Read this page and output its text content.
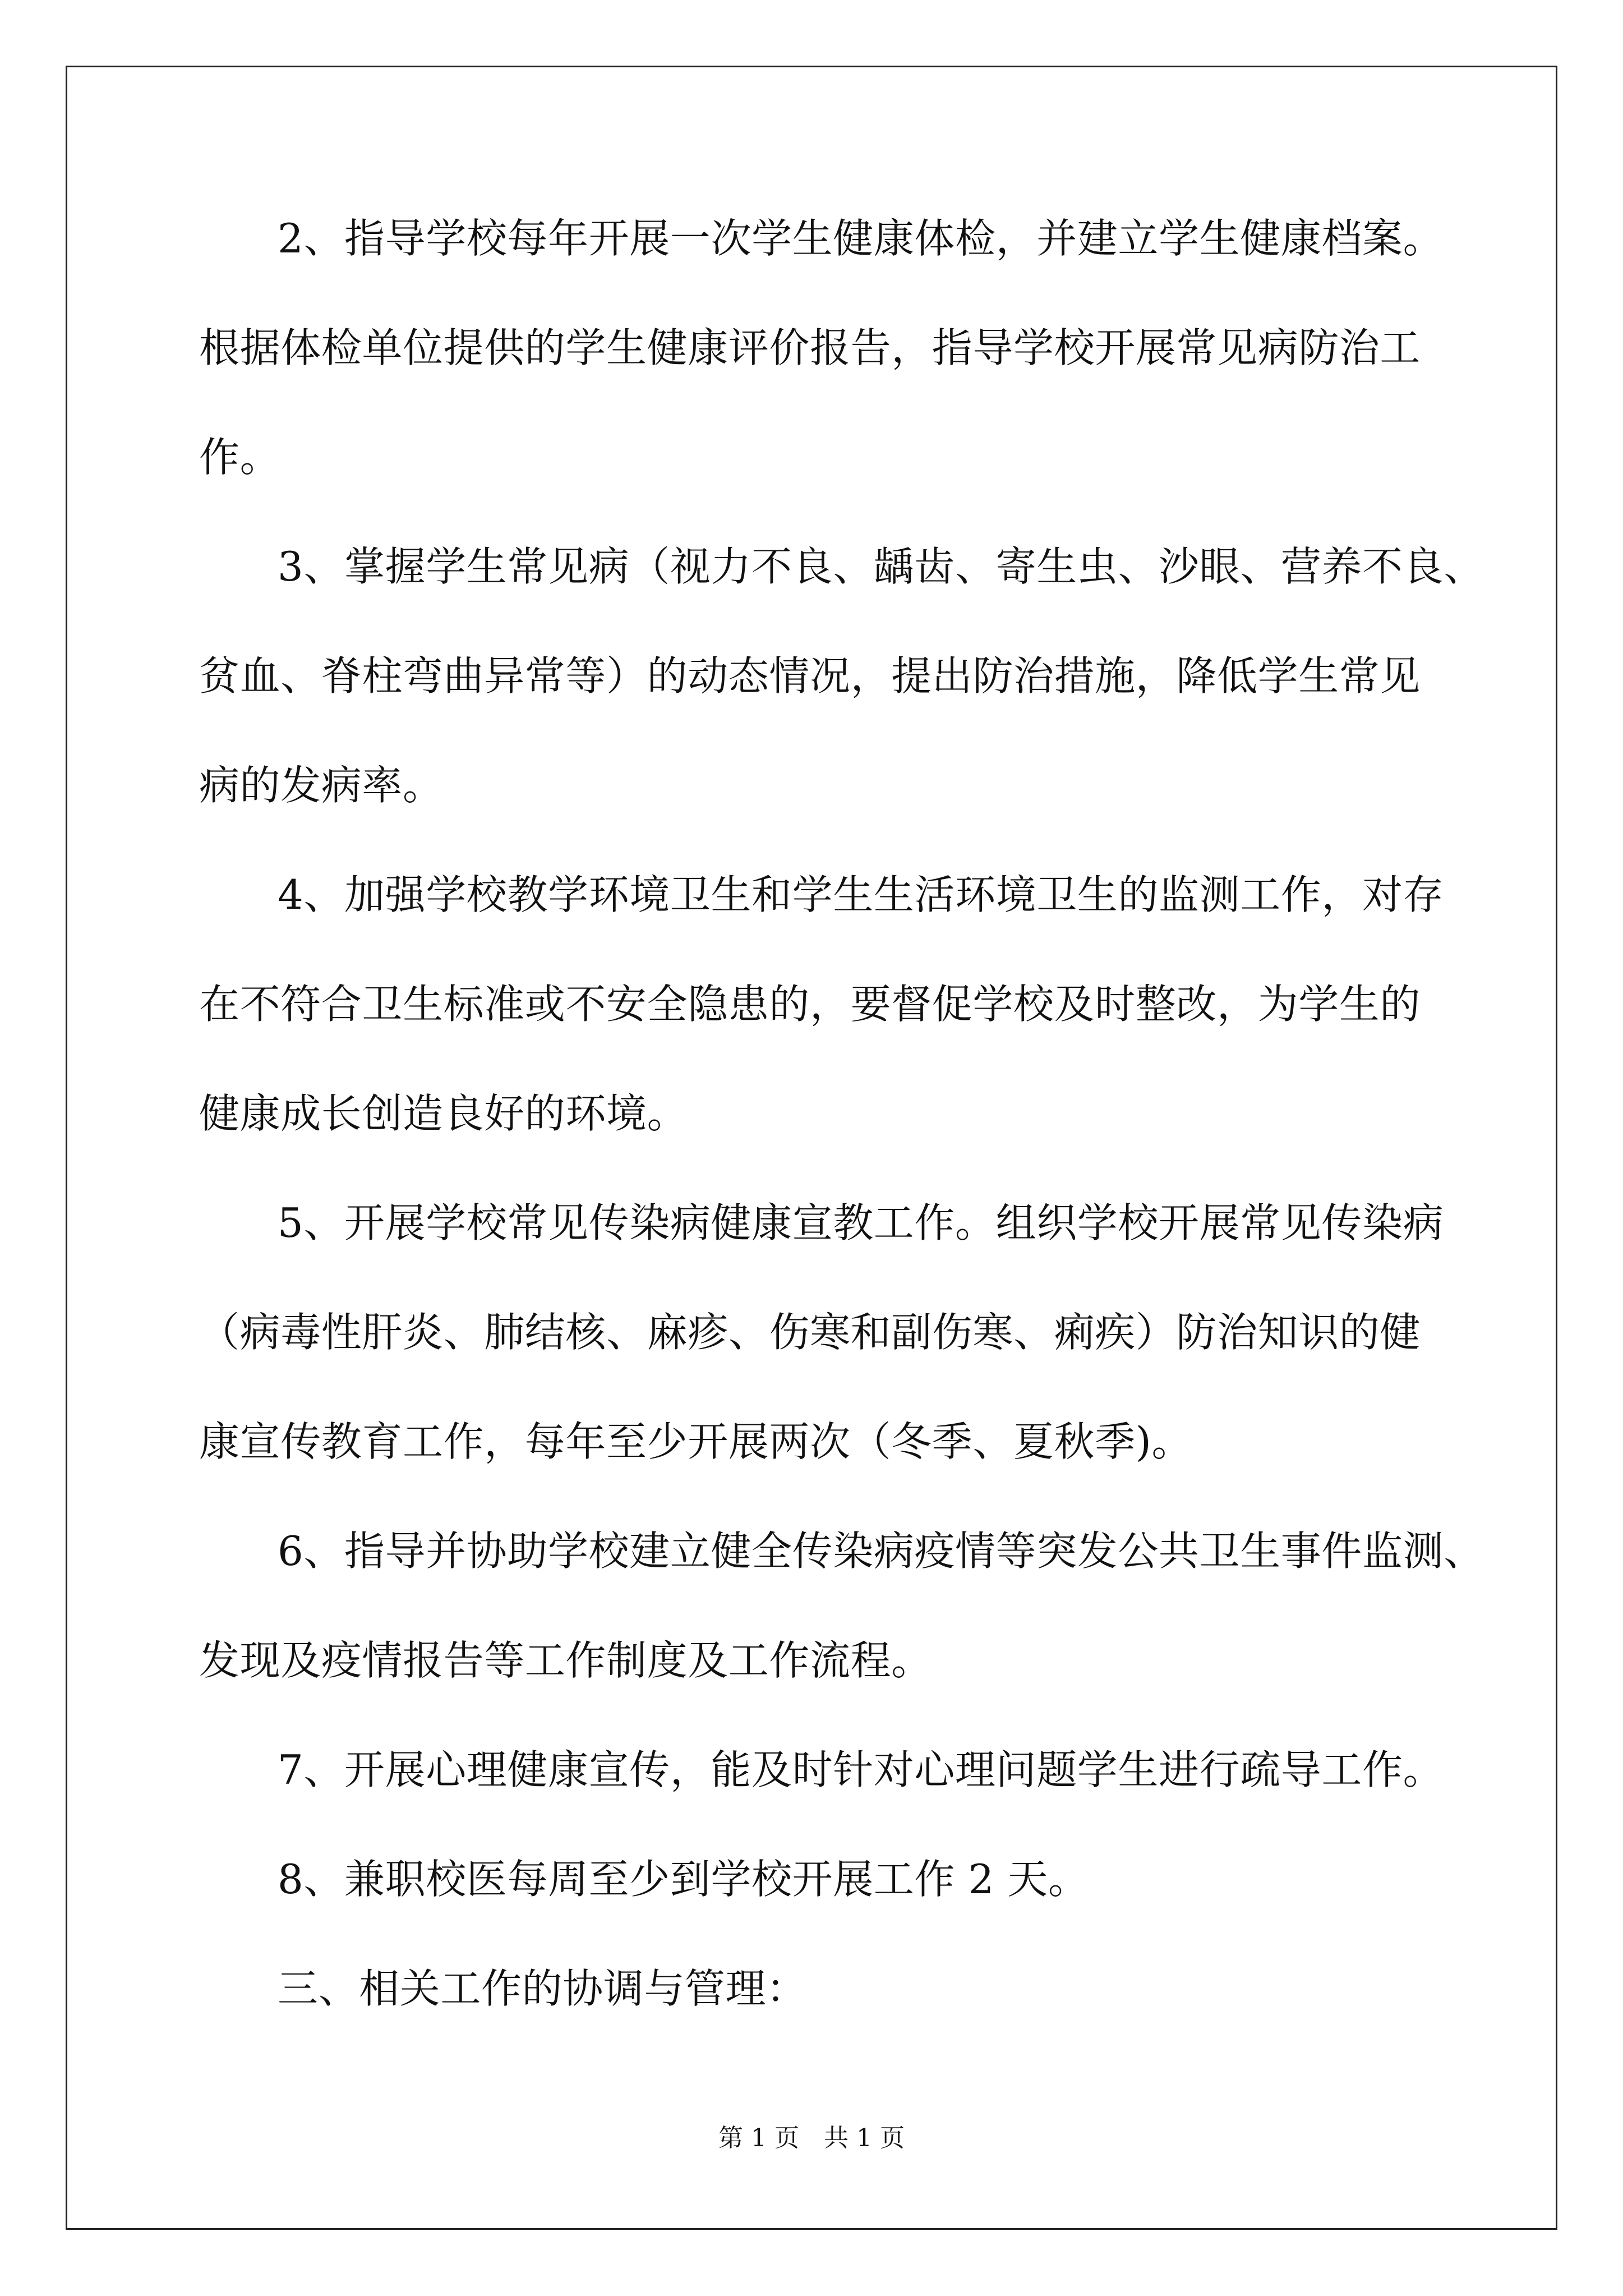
2、指导学校每年开展一次学生健康体检，并建立学生健康档案。
根据体检单位提供的学生健康评价报告，指导学校开展常见病防治工
作。
3、掌握学生常见病（视力不良、龋齿、寄生虫、沙眼、营养不良、
贫血、脊柱弯曲异常等）的动态情况，提出防治措施，降低学生常见
病的发病率。
4、加强学校教学环境卫生和学生生活环境卫生的监测工作，对存
在不符合卫生标准或不安全隐患的，要督促学校及时整改，为学生的
健康成长创造良好的环境。
5、开展学校常见传染病健康宣教工作。组织学校开展常见传染病
（病毒性肝炎、肺结核、麻疹、伤寒和副伤寒、痢疾）防治知识的健
康宣传教育工作，每年至少开展两次（冬季、夏秋季)。
6、指导并协助学校建立健全传染病疫情等突发公共卫生事件监测、
发现及疫情报告等工作制度及工作流程。
7、开展心理健康宣传，能及时针对心理问题学生进行疏导工作。
8、兼职校医每周至少到学校开展工作 2 天。
三、相关工作的协调与管理：
第 1 页　共 1 页
